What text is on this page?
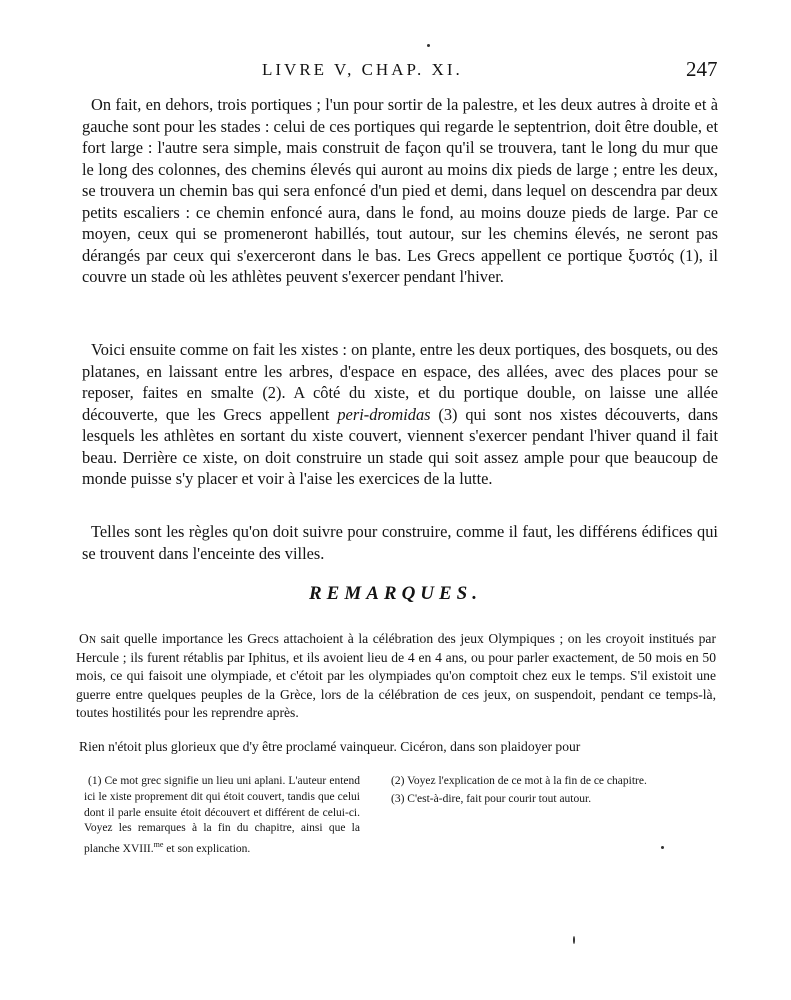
LIVRE V, CHAP. XI.	247

On fait, en dehors, trois portiques ; l'un pour sortir de la palestre, et les deux autres à droite et à gauche sont pour les stades : celui de ces portiques qui regarde le septentrion, doit être double, et fort large : l'autre sera simple, mais construit de façon qu'il se trouvera, tant le long du mur que le long des colonnes, des chemins élevés qui auront au moins dix pieds de large ; entre les deux, se trouvera un chemin bas qui sera enfoncé d'un pied et demi, dans lequel on descendra par deux petits escaliers : ce chemin enfoncé aura, dans le fond, au moins douze pieds de large. Par ce moyen, ceux qui se promeneront habillés, tout autour, sur les chemins élevés, ne seront pas dérangés par ceux qui s'exerceront dans le bas. Les Grecs appellent ce portique ξυστός (1), il couvre un stade où les athlètes peuvent s'exercer pendant l'hiver.

Voici ensuite comme on fait les xistes : on plante, entre les deux portiques, des bosquets, ou des platanes, en laissant entre les arbres, d'espace en espace, des allées, avec des places pour se reposer, faites en smalte (2). A côté du xiste, et du portique double, on laisse une allée découverte, que les Grecs appellent peri-dromidas (3) qui sont nos xistes découverts, dans lesquels les athlètes en sortant du xiste couvert, viennent s'exercer pendant l'hiver quand il fait beau. Derrière ce xiste, on doit construire un stade qui soit assez ample pour que beaucoup de monde puisse s'y placer et voir à l'aise les exercices de la lutte.

Telles sont les règles qu'on doit suivre pour construire, comme il faut, les différens édifices qui se trouvent dans l'enceinte des villes.

REMARQUES.

On sait quelle importance les Grecs attachoient à la célébration des jeux Olympiques ; on les croyoit institués par Hercule ; ils furent rétablis par Iphitus, et ils avoient lieu de 4 en 4 ans, ou pour parler exactement, de 50 mois en 50 mois, ce qui faisoit une olympiade, et c'étoit par les olympiades qu'on comptoit chez eux le temps. S'il existoit une guerre entre quelques peuples de la Grèce, lors de la célébration de ces jeux, on suspendoit, pendant ce temps-là, toutes hostilités pour les reprendre après.

Rien n'étoit plus glorieux que d'y être proclamé vainqueur. Cicéron, dans son plaidoyer pour

(1) Ce mot grec signifie un lieu uni aplani. L'auteur entend ici le xiste proprement dit qui étoit couvert, tandis que celui dont il parle ensuite étoit découvert et différent de celui-ci. Voyez les remarques à la fin du chapitre, ainsi que la planche XVIII.$^{me}$ et son explication.

(2) Voyez l'explication de ce mot à la fin de ce chapitre.

(3) C'est-à-dire, fait pour courir tout autour.
